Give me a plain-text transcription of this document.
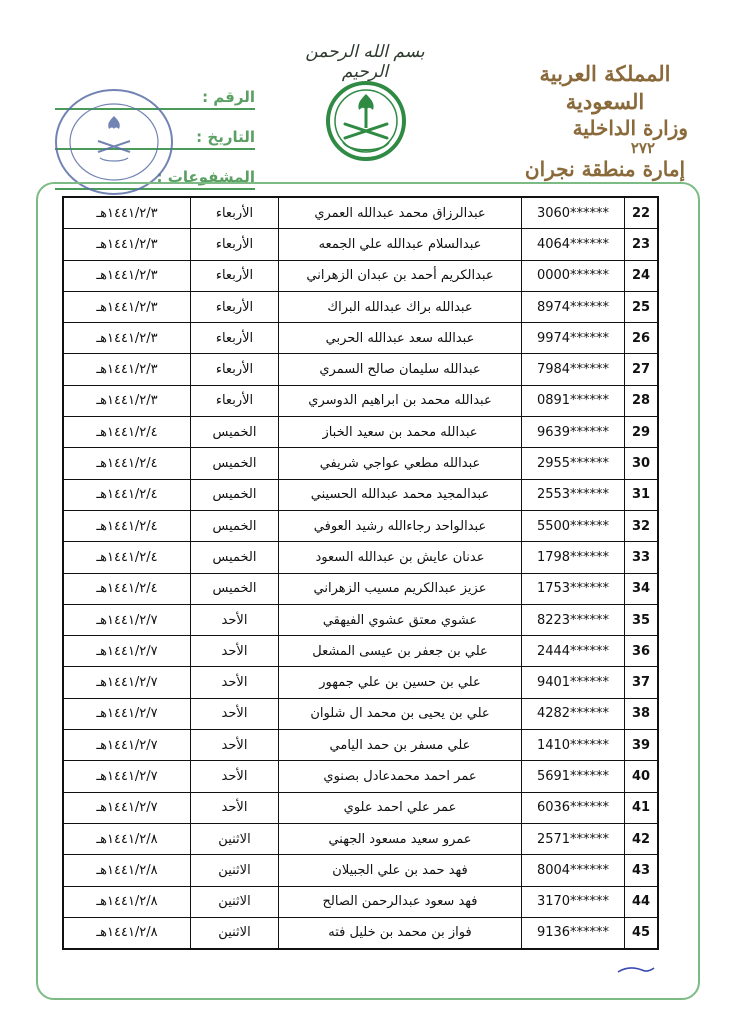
بسم الله الرحمن الرحيم	المملكة العربية السعودية
وزارة الداخلية
٢٧٢
إمارة منطقة نجران
الرقم :
التاريخ :
المشفوعات :
22	3060******	عبدالرزاق محمد عبدالله العمري	الأربعاء	١٤٤١/٢/٣هـ
23	4064******	عبدالسلام عبدالله علي الجمعه	الأربعاء	١٤٤١/٢/٣هـ
24	0000******	عبدالكريم أحمد بن عبدان الزهراني	الأربعاء	١٤٤١/٢/٣هـ
25	8974******	عبدالله براك عبدالله البراك	الأربعاء	١٤٤١/٢/٣هـ
26	9974******	عبدالله سعد عبدالله الحربي	الأربعاء	١٤٤١/٢/٣هـ
27	7984******	عبدالله سليمان صالح السمري	الأربعاء	١٤٤١/٢/٣هـ
28	0891******	عبدالله محمد بن ابراهيم الدوسري	الأربعاء	١٤٤١/٢/٣هـ
29	9639******	عبدالله محمد بن سعيد الخباز	الخميس	١٤٤١/٢/٤هـ
30	2955******	عبدالله مطعي عواجي شريفي	الخميس	١٤٤١/٢/٤هـ
31	2553******	عبدالمجيد محمد عبدالله الحسيني	الخميس	١٤٤١/٢/٤هـ
32	5500******	عبدالواحد رجاءالله رشيد العوفي	الخميس	١٤٤١/٢/٤هـ
33	1798******	عدنان عايش بن عبدالله السعود	الخميس	١٤٤١/٢/٤هـ
34	1753******	عزيز عبدالكريم مسيب الزهراني	الخميس	١٤٤١/٢/٤هـ
35	8223******	عشوي معتق عشوي الفيهقي	الأحد	١٤٤١/٢/٧هـ
36	2444******	علي بن جعفر بن عيسى المشعل	الأحد	١٤٤١/٢/٧هـ
37	9401******	علي بن حسين بن علي جمهور	الأحد	١٤٤١/٢/٧هـ
38	4282******	علي بن يحيى بن محمد ال شلوان	الأحد	١٤٤١/٢/٧هـ
39	1410******	علي مسفر بن حمد اليامي	الأحد	١٤٤١/٢/٧هـ
40	5691******	عمر احمد محمدعادل بصنوي	الأحد	١٤٤١/٢/٧هـ
41	6036******	عمر علي احمد علوي	الأحد	١٤٤١/٢/٧هـ
42	2571******	عمرو سعيد مسعود الجهني	الاثنين	١٤٤١/٢/٨هـ
43	8004******	فهد حمد بن علي الجبيلان	الاثنين	١٤٤١/٢/٨هـ
44	3170******	فهد سعود عبدالرحمن الصالح	الاثنين	١٤٤١/٢/٨هـ
45	9136******	فواز بن محمد بن خليل فته	الاثنين	١٤٤١/٢/٨هـ
